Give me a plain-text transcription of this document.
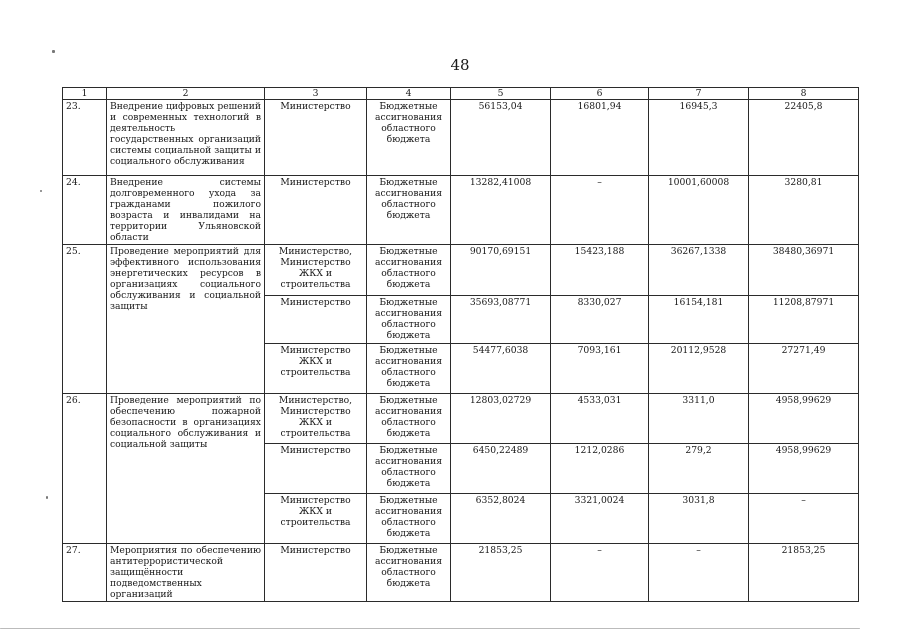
48
1	2	3	4	5	6	7	8
23.	Внедрение цифровых решений и современных технологий в деятельность государственных организаций системы социальной защиты и социального обслуживания	Министерство	Бюджетные ассигнования областного бюджета	56153,04	16801,94	16945,3	22405,8
24.	Внедрение системы долговременного ухода за гражданами пожилого возраста и инвалидами на территории Ульяновской области	Министерство	Бюджетные ассигнования областного бюджета	13282,41008	–	10001,60008	3280,81
25.	Проведение мероприятий для эффективного использования энергетических ресурсов в организациях социального обслуживания и социальной защиты	Министерство, Министерство ЖКХ и строительства	Бюджетные ассигнования областного бюджета	90170,69151	15423,188	36267,1338	38480,36971
		Министерство	Бюджетные ассигнования областного бюджета	35693,08771	8330,027	16154,181	11208,87971
		Министерство ЖКХ и строительства	Бюджетные ассигнования областного бюджета	54477,6038	7093,161	20112,9528	27271,49
26.	Проведение мероприятий по обеспечению пожарной безопасности в организациях социального обслуживания и социальной защиты	Министерство, Министерство ЖКХ и строительства	Бюджетные ассигнования областного бюджета	12803,02729	4533,031	3311,0	4958,99629
		Министерство	Бюджетные ассигнования областного бюджета	6450,22489	1212,0286	279,2	4958,99629
		Министерство ЖКХ и строительства	Бюджетные ассигнования областного бюджета	6352,8024	3321,0024	3031,8	–
27.	Мероприятия по обеспечению антитеррористической защищённости подведомственных организаций	Министерство	Бюджетные ассигнования областного бюджета	21853,25	–	–	21853,25
